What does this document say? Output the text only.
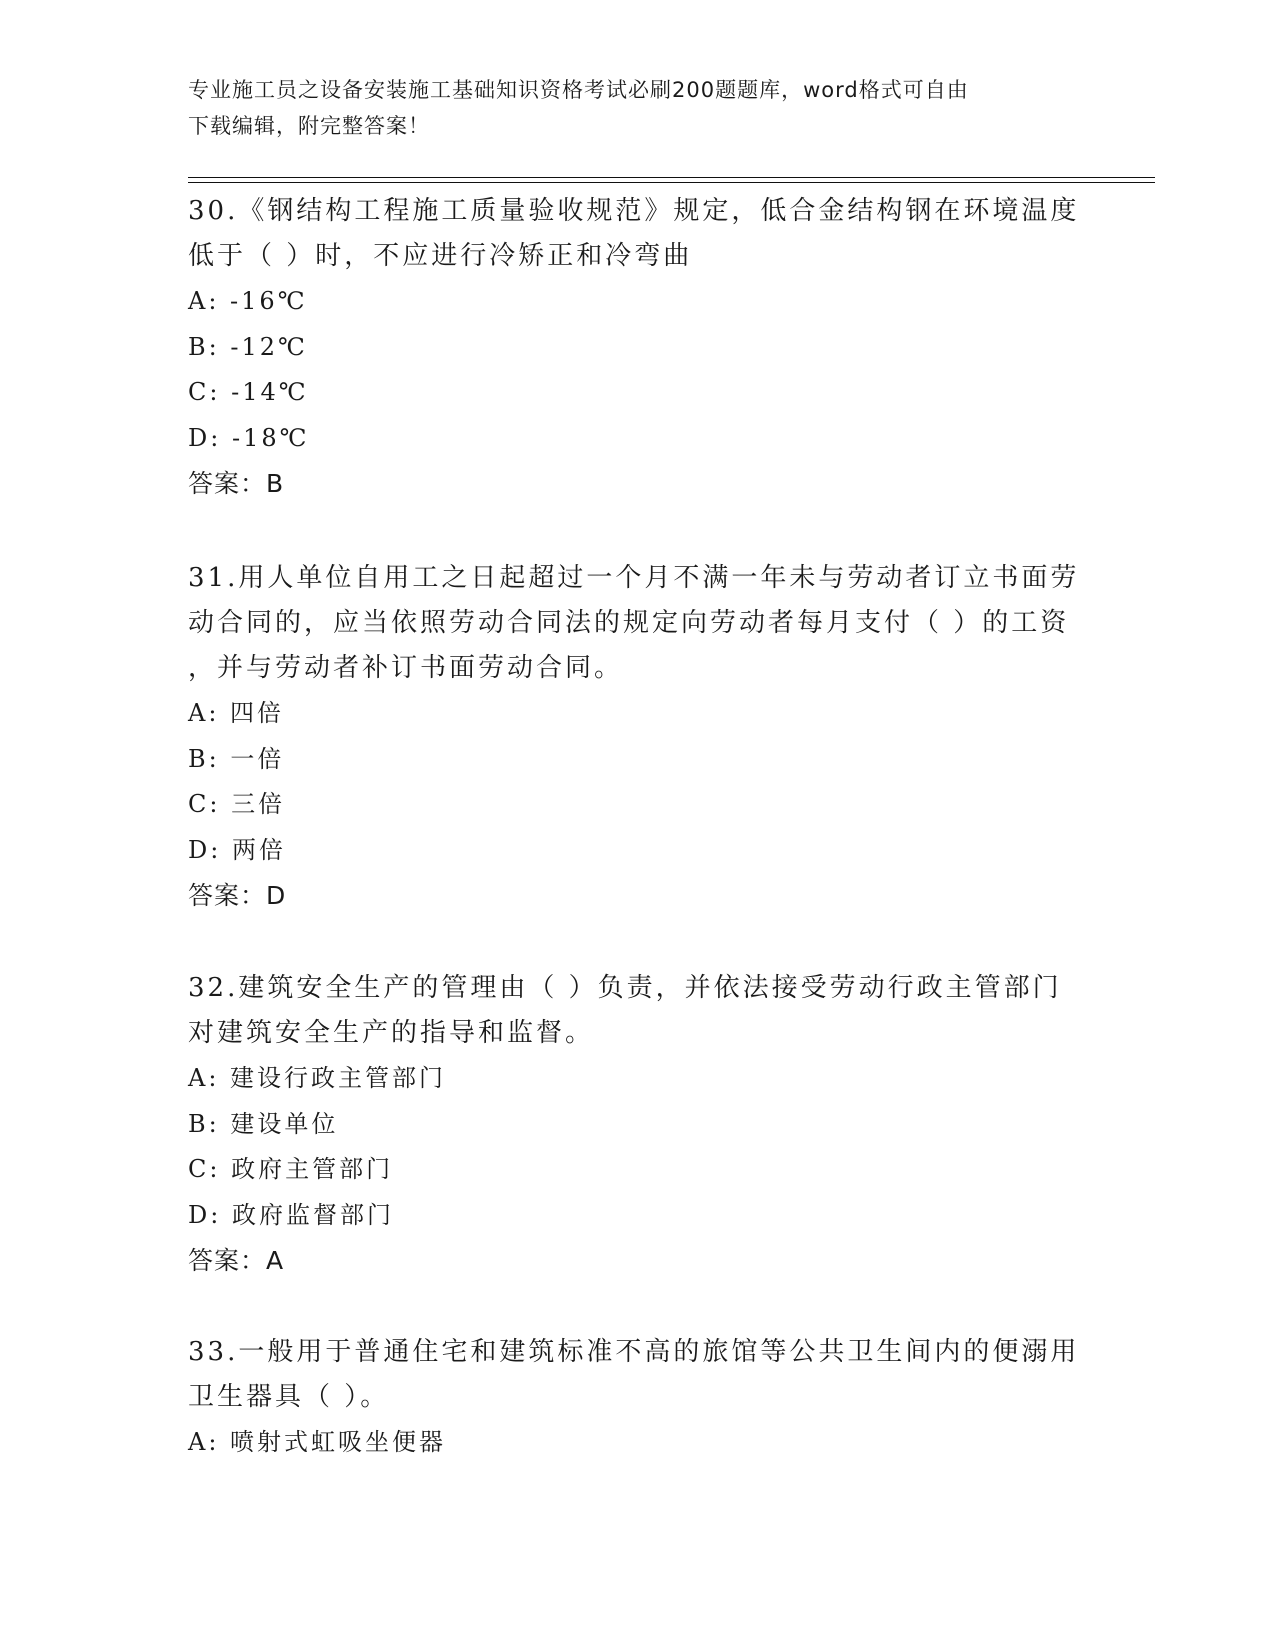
专业施工员之设备安装施工基础知识资格考试必刷200题题库，word格式可自由
下载编辑，附完整答案！

30.《钢结构工程施工质量验收规范》规定，低合金结构钢在环境温度

低于（ ）时，不应进行冷矫正和冷弯曲

A: -16℃

B: -12℃

C: -14℃

D: -18℃

答案：B

31.用人单位自用工之日起超过一个月不满一年未与劳动者订立书面劳

动合同的，应当依照劳动合同法的规定向劳动者每月支付（ ）的工资

，并与劳动者补订书面劳动合同。

A: 四倍

B: 一倍

C: 三倍

D: 两倍

答案：D

32.建筑安全生产的管理由（ ）负责，并依法接受劳动行政主管部门

对建筑安全生产的指导和监督。

A: 建设行政主管部门

B: 建设单位

C: 政府主管部门

D: 政府监督部门

答案：A

33.一般用于普通住宅和建筑标准不高的旅馆等公共卫生间内的便溺用

卫生器具（ ）。

A: 喷射式虹吸坐便器
